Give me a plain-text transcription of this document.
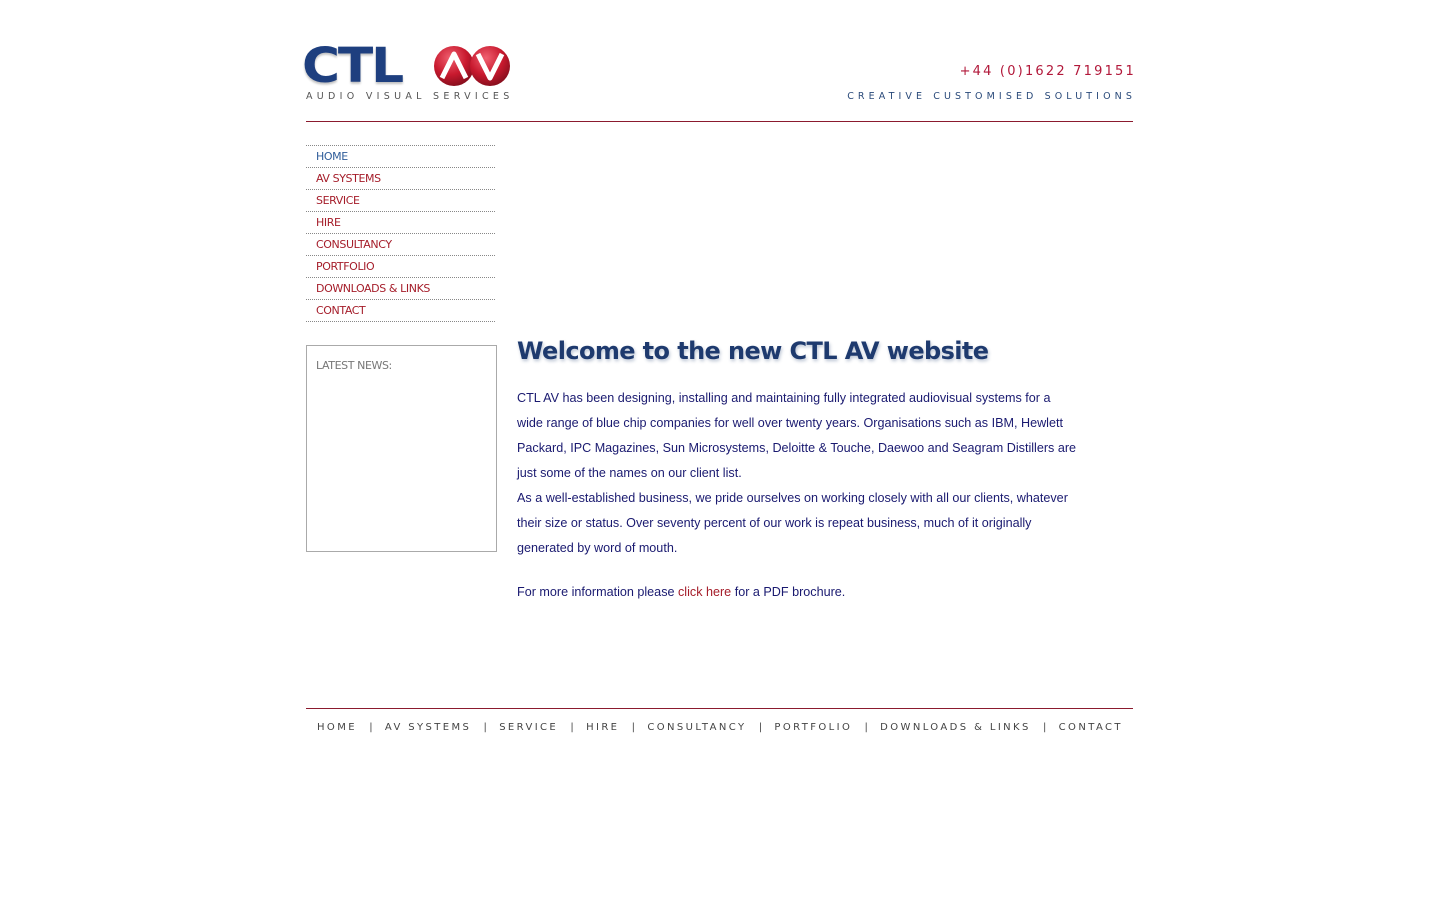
CTL
AUDIO VISUAL SERVICES
+44 (0)1622 719151
CREATIVE CUSTOMISED SOLUTIONS
HOME
AV SYSTEMS
SERVICE
HIRE
CONSULTANCY
PORTFOLIO
DOWNLOADS & LINKS
CONTACT
LATEST NEWS:
Welcome to the new CTL AV website

CTL AV has been designing, installing and maintaining fully integrated audiovisual systems for a wide range of blue chip companies for well over twenty years. Organisations such as IBM, Hewlett Packard, IPC Magazines, Sun Microsystems, Deloitte & Touche, Daewoo and Seagram Distillers are just some of the names on our client list.

As a well-established business, we pride ourselves on working closely with all our clients, whatever their size or status. Over seventy percent of our work is repeat business, much of it originally generated by word of mouth.

For more information please click here for a PDF brochure.

HOME | AV SYSTEMS | SERVICE | HIRE | CONSULTANCY | PORTFOLIO | DOWNLOADS & LINKS | CONTACT
